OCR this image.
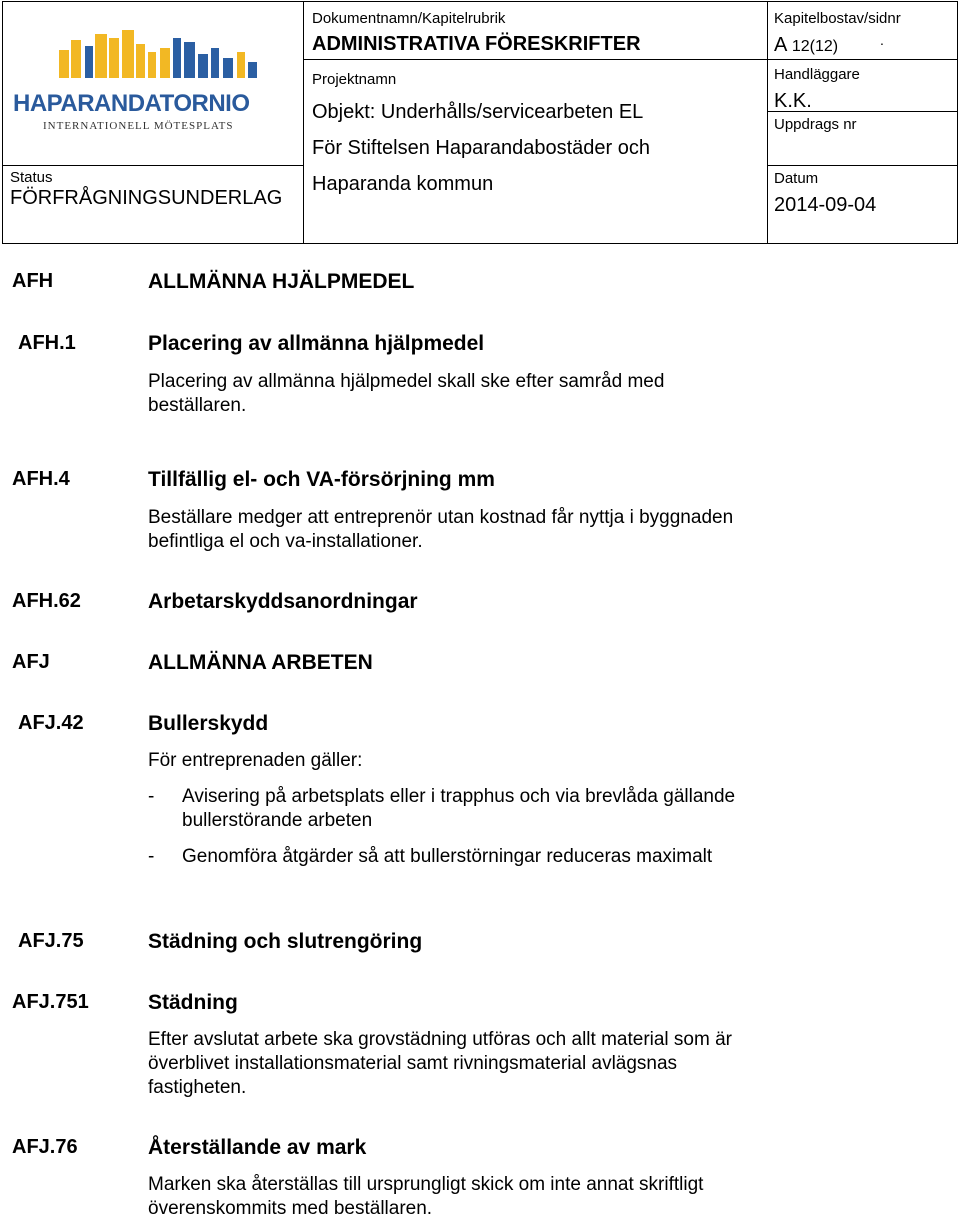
HAPARANDATORNIO
INTERNATIONELL MÖTESPLATS
Status
FÖRFRÅGNINGSUNDERLAG
Dokumentnamn/Kapitelrubrik
ADMINISTRATIVA FÖRESKRIFTER
Projektnamn
Objekt: Underhålls/servicearbeten EL
För Stiftelsen Haparandabostäder och
Haparanda kommun
Kapitelbostav/sidnr
A 12(12)	.
Handläggare
K.K.
Uppdrags nr
Datum
2014-09-04
AFH	ALLMÄNNA HJÄLPMEDEL
AFH.1	Placering av allmänna hjälpmedel
Placering av allmänna hjälpmedel skall ske efter samråd med beställaren.
AFH.4	Tillfällig el- och VA-försörjning mm
Beställare medger att entreprenör utan kostnad får nyttja i byggnaden befintliga el och va-installationer.
AFH.62	Arbetarskyddsanordningar
AFJ	ALLMÄNNA ARBETEN
AFJ.42	Bullerskydd
För entreprenaden gäller:
- Avisering på arbetsplats eller i trapphus och via brevlåda gällande bullerstörande arbeten
- Genomföra åtgärder så att bullerstörningar reduceras maximalt
AFJ.75	Städning och slutrengöring
AFJ.751	Städning
Efter avslutat arbete ska grovstädning utföras och allt material som är överblivet installationsmaterial samt rivningsmaterial avlägsnas fastigheten.
AFJ.76	Återställande av mark
Marken ska återställas till ursprungligt skick om inte annat skriftligt överenskommits med beställaren.
